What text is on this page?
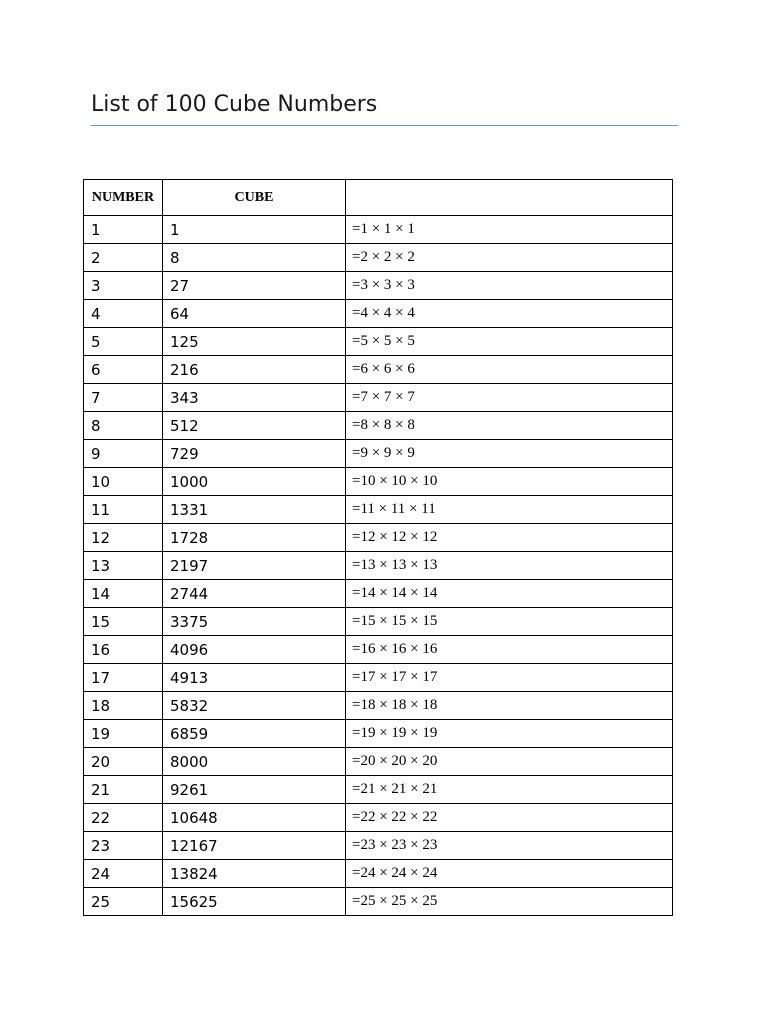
List of 100 Cube Numbers
NUMBER	CUBE	
1	1	=1 × 1 × 1
2	8	=2 × 2 × 2
3	27	=3 × 3 × 3
4	64	=4 × 4 × 4
5	125	=5 × 5 × 5
6	216	=6 × 6 × 6
7	343	=7 × 7 × 7
8	512	=8 × 8 × 8
9	729	=9 × 9 × 9
10	1000	=10 × 10 × 10
11	1331	=11 × 11 × 11
12	1728	=12 × 12 × 12
13	2197	=13 × 13 × 13
14	2744	=14 × 14 × 14
15	3375	=15 × 15 × 15
16	4096	=16 × 16 × 16
17	4913	=17 × 17 × 17
18	5832	=18 × 18 × 18
19	6859	=19 × 19 × 19
20	8000	=20 × 20 × 20
21	9261	=21 × 21 × 21
22	10648	=22 × 22 × 22
23	12167	=23 × 23 × 23
24	13824	=24 × 24 × 24
25	15625	=25 × 25 × 25
